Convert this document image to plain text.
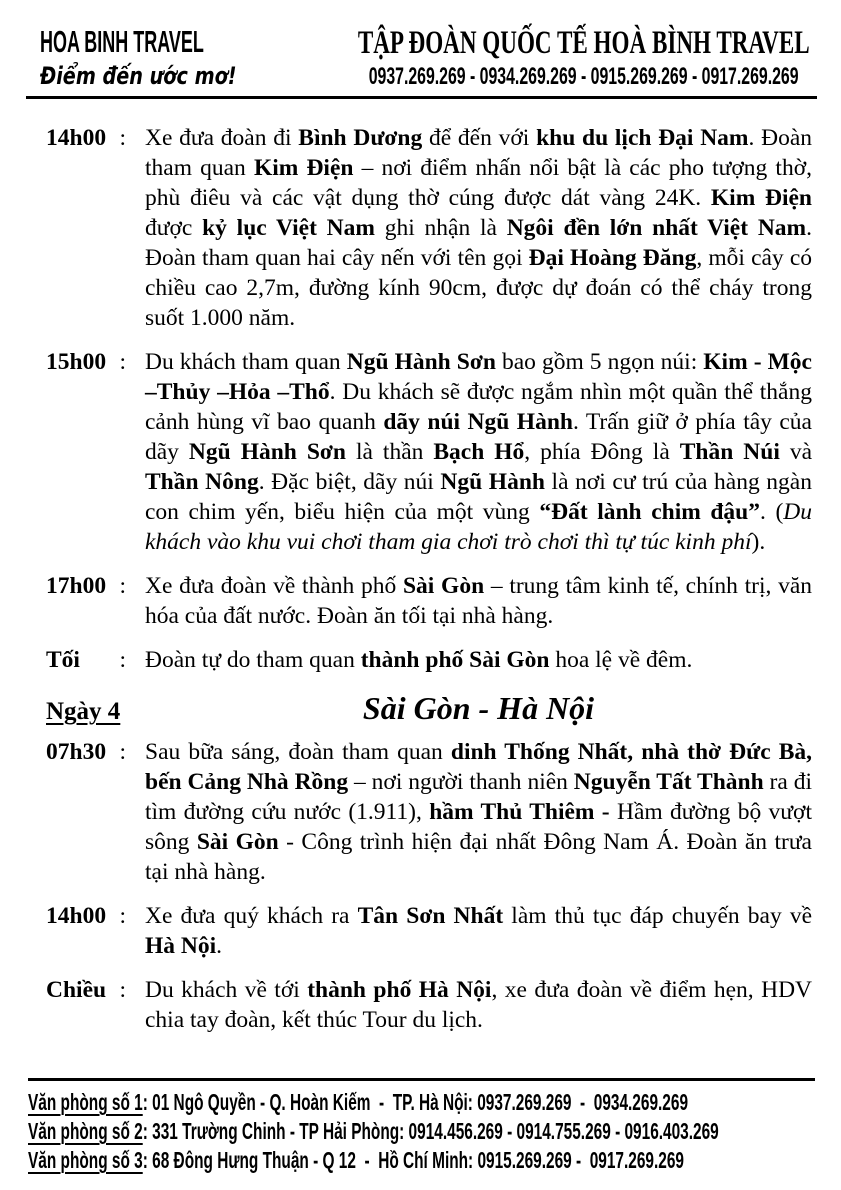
HOA BINH TRAVEL
Điểm đến ước mơ!
TẬP ĐOÀN QUỐC TẾ HOÀ BÌNH TRAVEL
0937.269.269 - 0934.269.269 - 0915.269.269 - 0917.269.269
14h00 : Xe đưa đoàn đi Bình Dương để đến với khu du lịch Đại Nam. Đoàn tham quan Kim Điện – nơi điểm nhấn nổi bật là các pho tượng thờ, phù điêu và các vật dụng thờ cúng được dát vàng 24K. Kim Điện được kỷ lục Việt Nam ghi nhận là Ngôi đền lớn nhất Việt Nam. Đoàn tham quan hai cây nến với tên gọi Đại Hoàng Đăng, mỗi cây có chiều cao 2,7m, đường kính 90cm, được dự đoán có thể cháy trong suốt 1.000 năm.
15h00 : Du khách tham quan Ngũ Hành Sơn bao gồm 5 ngọn núi: Kim - Mộc –Thủy –Hỏa –Thổ. Du khách sẽ được ngắm nhìn một quần thể thắng cảnh hùng vĩ bao quanh dãy núi Ngũ Hành. Trấn giữ ở phía tây của dãy Ngũ Hành Sơn là thần Bạch Hổ, phía Đông là Thần Núi và Thần Nông. Đặc biệt, dãy núi Ngũ Hành là nơi cư trú của hàng ngàn con chim yến, biểu hiện của một vùng “Đất lành chim đậu”. (Du khách vào khu vui chơi tham gia chơi trò chơi thì tự túc kinh phí).
17h00 : Xe đưa đoàn về thành phố Sài Gòn – trung tâm kinh tế, chính trị, văn hóa của đất nước. Đoàn ăn tối tại nhà hàng.
Tối : Đoàn tự do tham quan thành phố Sài Gòn hoa lệ về đêm.
Ngày 4	Sài Gòn - Hà Nội
07h30 : Sau bữa sáng, đoàn tham quan dinh Thống Nhất, nhà thờ Đức Bà, bến Cảng Nhà Rồng – nơi người thanh niên Nguyễn Tất Thành ra đi tìm đường cứu nước (1.911), hầm Thủ Thiêm - Hầm đường bộ vượt sông Sài Gòn - Công trình hiện đại nhất Đông Nam Á. Đoàn ăn trưa tại nhà hàng.
14h00 : Xe đưa quý khách ra Tân Sơn Nhất làm thủ tục đáp chuyến bay về Hà Nội.
Chiều : Du khách về tới thành phố Hà Nội, xe đưa đoàn về điểm hẹn, HDV chia tay đoàn, kết thúc Tour du lịch.
Văn phòng số 1: 01 Ngô Quyền - Q. Hoàn Kiếm  -  TP. Hà Nội: 0937.269.269  -  0934.269.269
Văn phòng số 2: 331 Trường Chinh - TP Hải Phòng: 0914.456.269 - 0914.755.269 - 0916.403.269
Văn phòng số 3: 68 Đông Hưng Thuận - Q 12  -  Hồ Chí Minh: 0915.269.269 -  0917.269.269
